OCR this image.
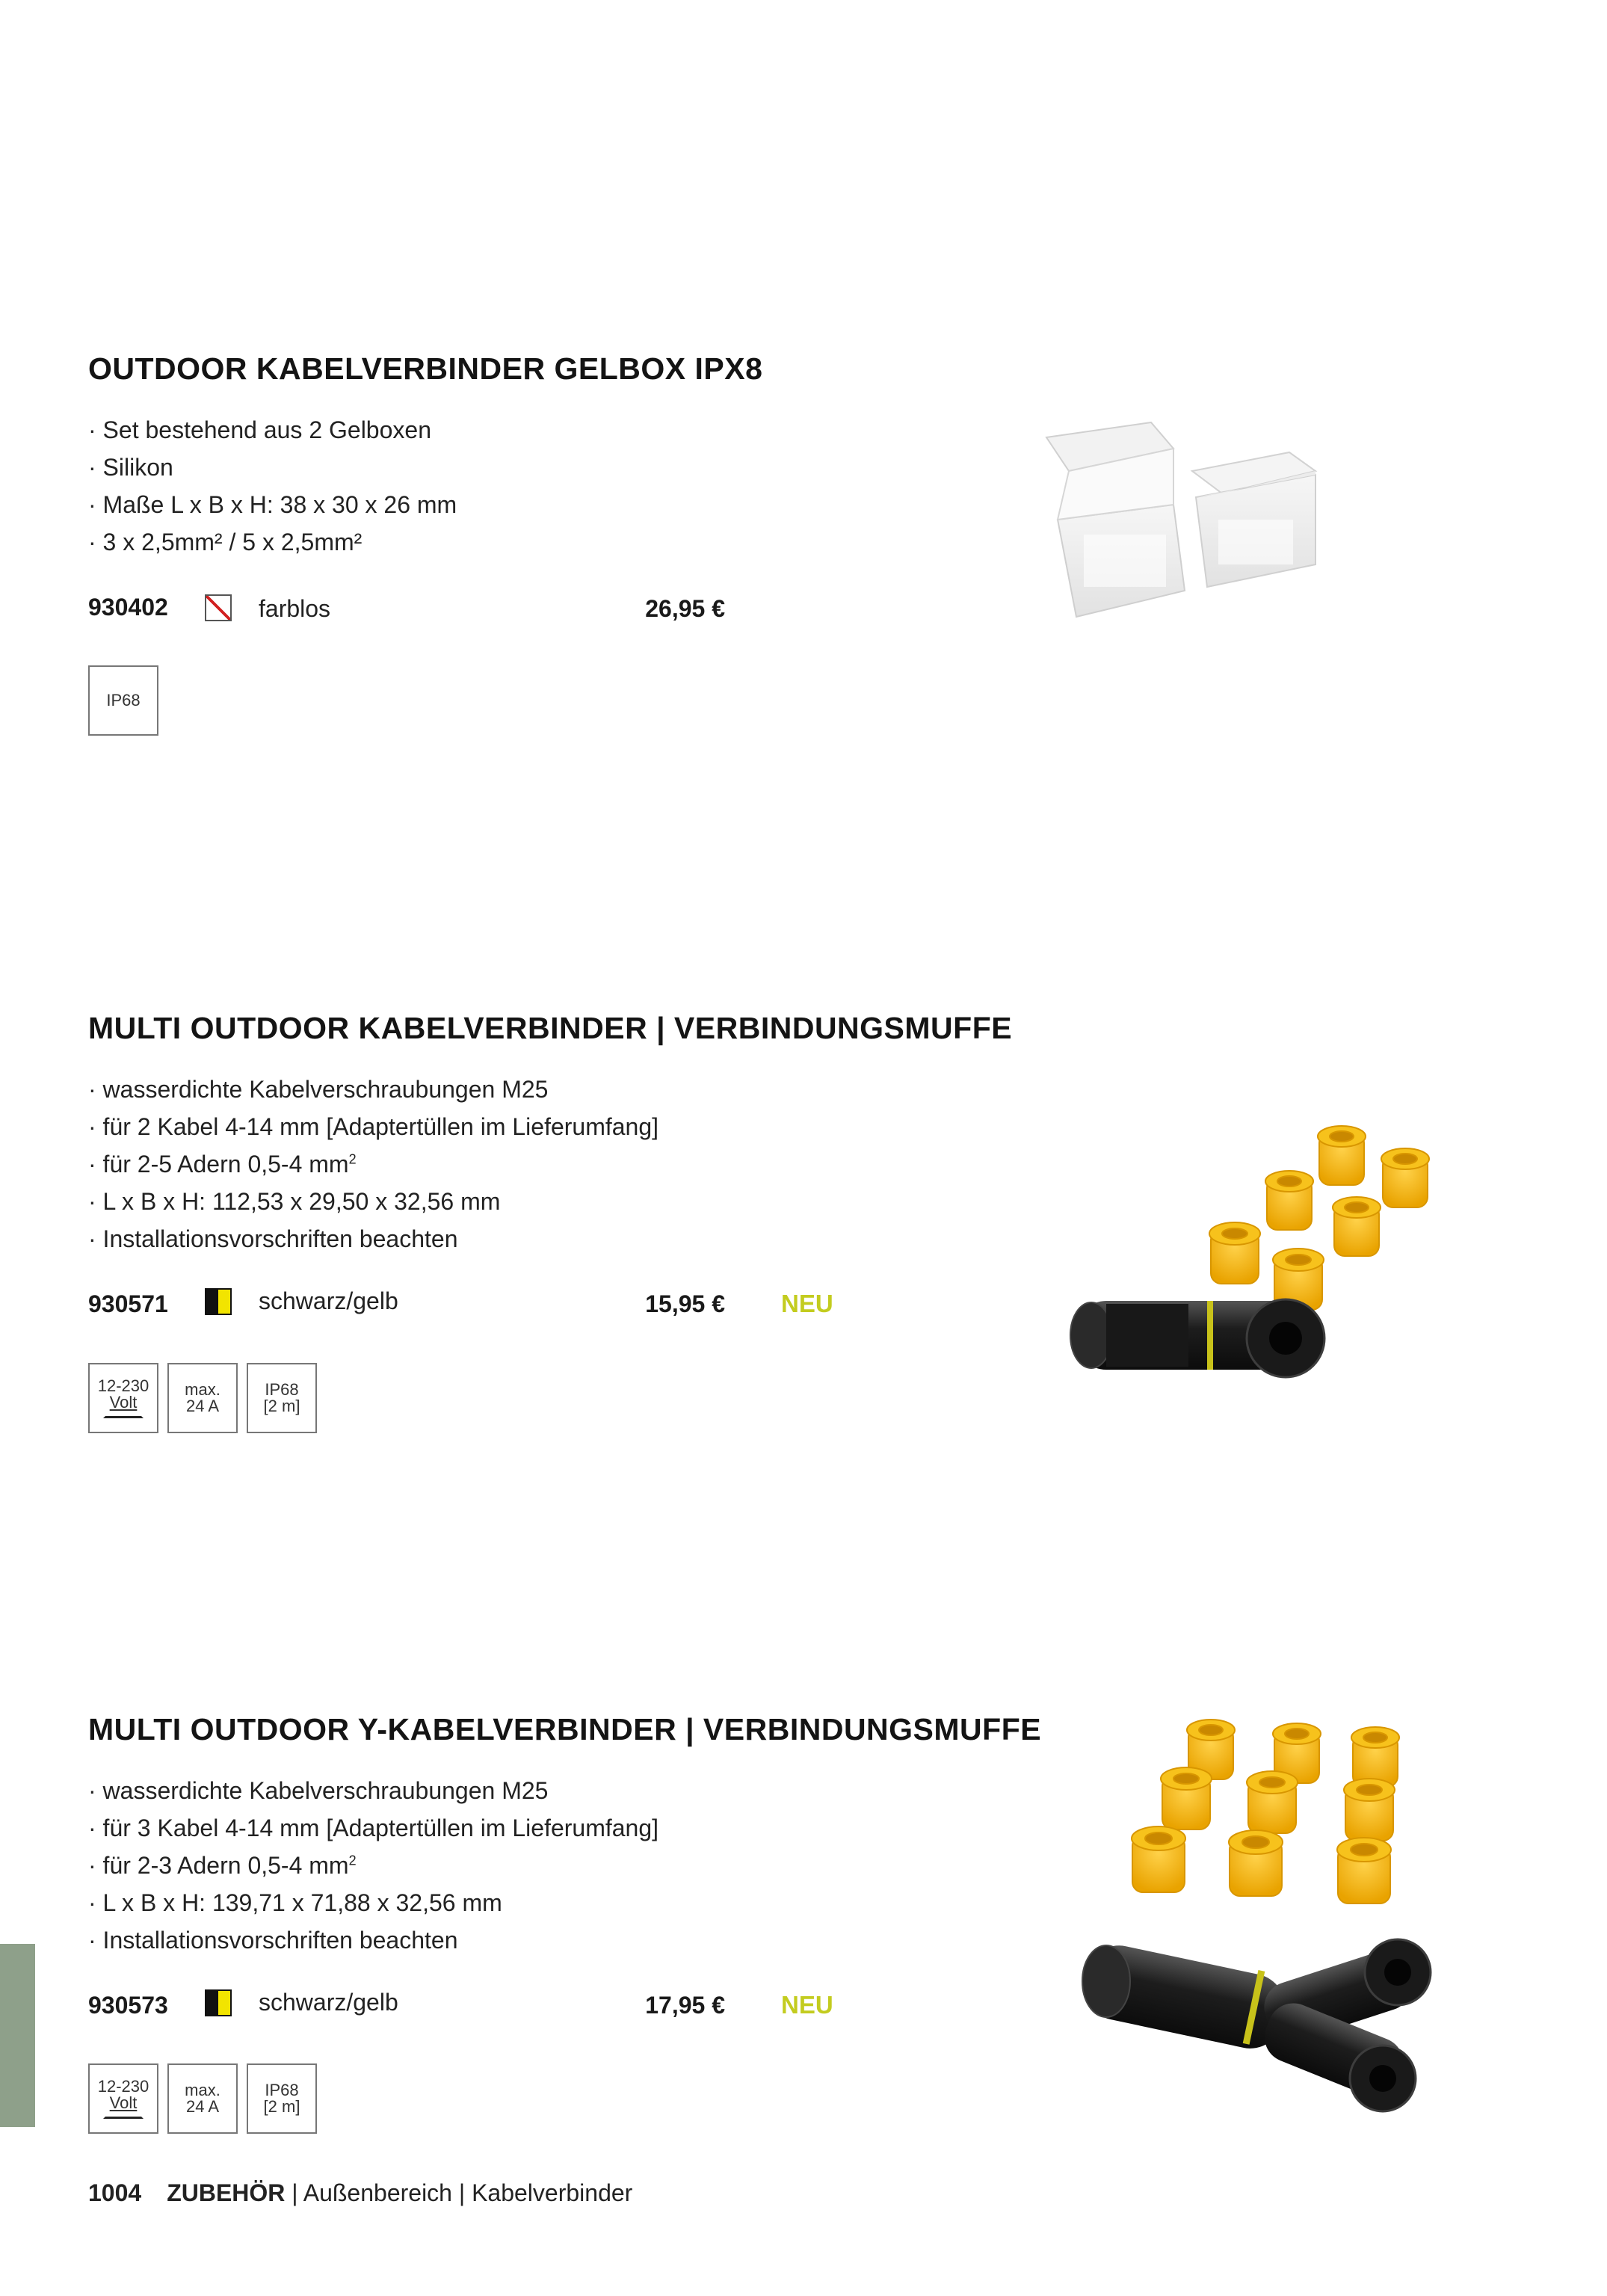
OUTDOOR KABELVERBINDER GELBOX IPX8
· Set bestehend aus 2 Gelboxen
· Silikon
· Maße L x B x H: 38 x 30 x 26 mm
· 3 x 2,5mm² / 5 x 2,5mm²
930402	farblos	26,95 €
IP68
MULTI OUTDOOR KABELVERBINDER | VERBINDUNGSMUFFE
· wasserdichte Kabelverschraubungen M25
· für 2 Kabel 4-14 mm [Adaptertüllen im Lieferumfang]
· für 2-5 Adern 0,5-4 $mm^2$
· L x B x H: 112,53 x 29,50 x 32,56 mm
· Installationsvorschriften beachten
930571	schwarz/gelb	15,95 € NEU
12-230
Volt
max.
24 A
IP68
[2 m]
MULTI OUTDOOR Y-KABELVERBINDER | VERBINDUNGSMUFFE
· wasserdichte Kabelverschraubungen M25
· für 3 Kabel 4-14 mm [Adaptertüllen im Lieferumfang]
· für 2-3 Adern 0,5-4 $mm^2$
· L x B x H: 139,71 x 71,88 x 32,56 mm
· Installationsvorschriften beachten
930573	schwarz/gelb	17,95 € NEU
12-230
Volt
max.
24 A
IP68
[2 m]
1004 ZUBEHÖR | Außenbereich | Kabelverbinder
